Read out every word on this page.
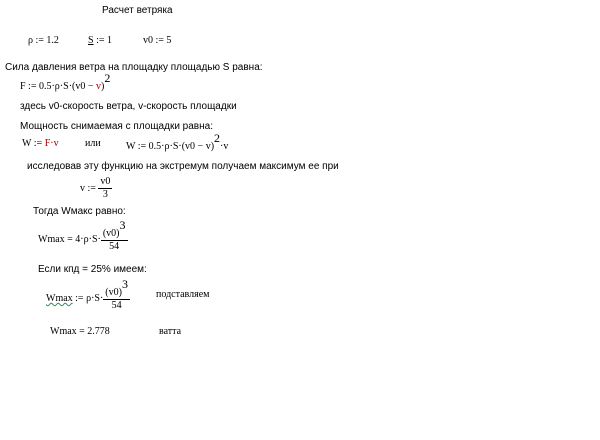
Расчет ветряка
ρ := 1.2	S := 1	v0 := 5
Сила давления ветра на площадку площадью S равна:
F := 0.5·ρ·S·(v0 − v)2
здесь v0-скорость ветра, v-скорость площадки
Мощность снимаемая с площадки равна:
W := F·v	или	W := 0.5·ρ·S·(v0 − v)2·v
исследовав эту функцию на экстремум получаем максимум ее при
v := $\frac{v0}{3}$
Тогда Wмакс равно:
$Wmax = 4\cdot\rho\cdot S\cdot \frac{(v0)3}{54}$
Если кпд = 25% имеем:
Wmax := $\rho\cdot S\cdot \frac{(v0)3}{54}$	подставляем
Wmax = 2.778	ватта
